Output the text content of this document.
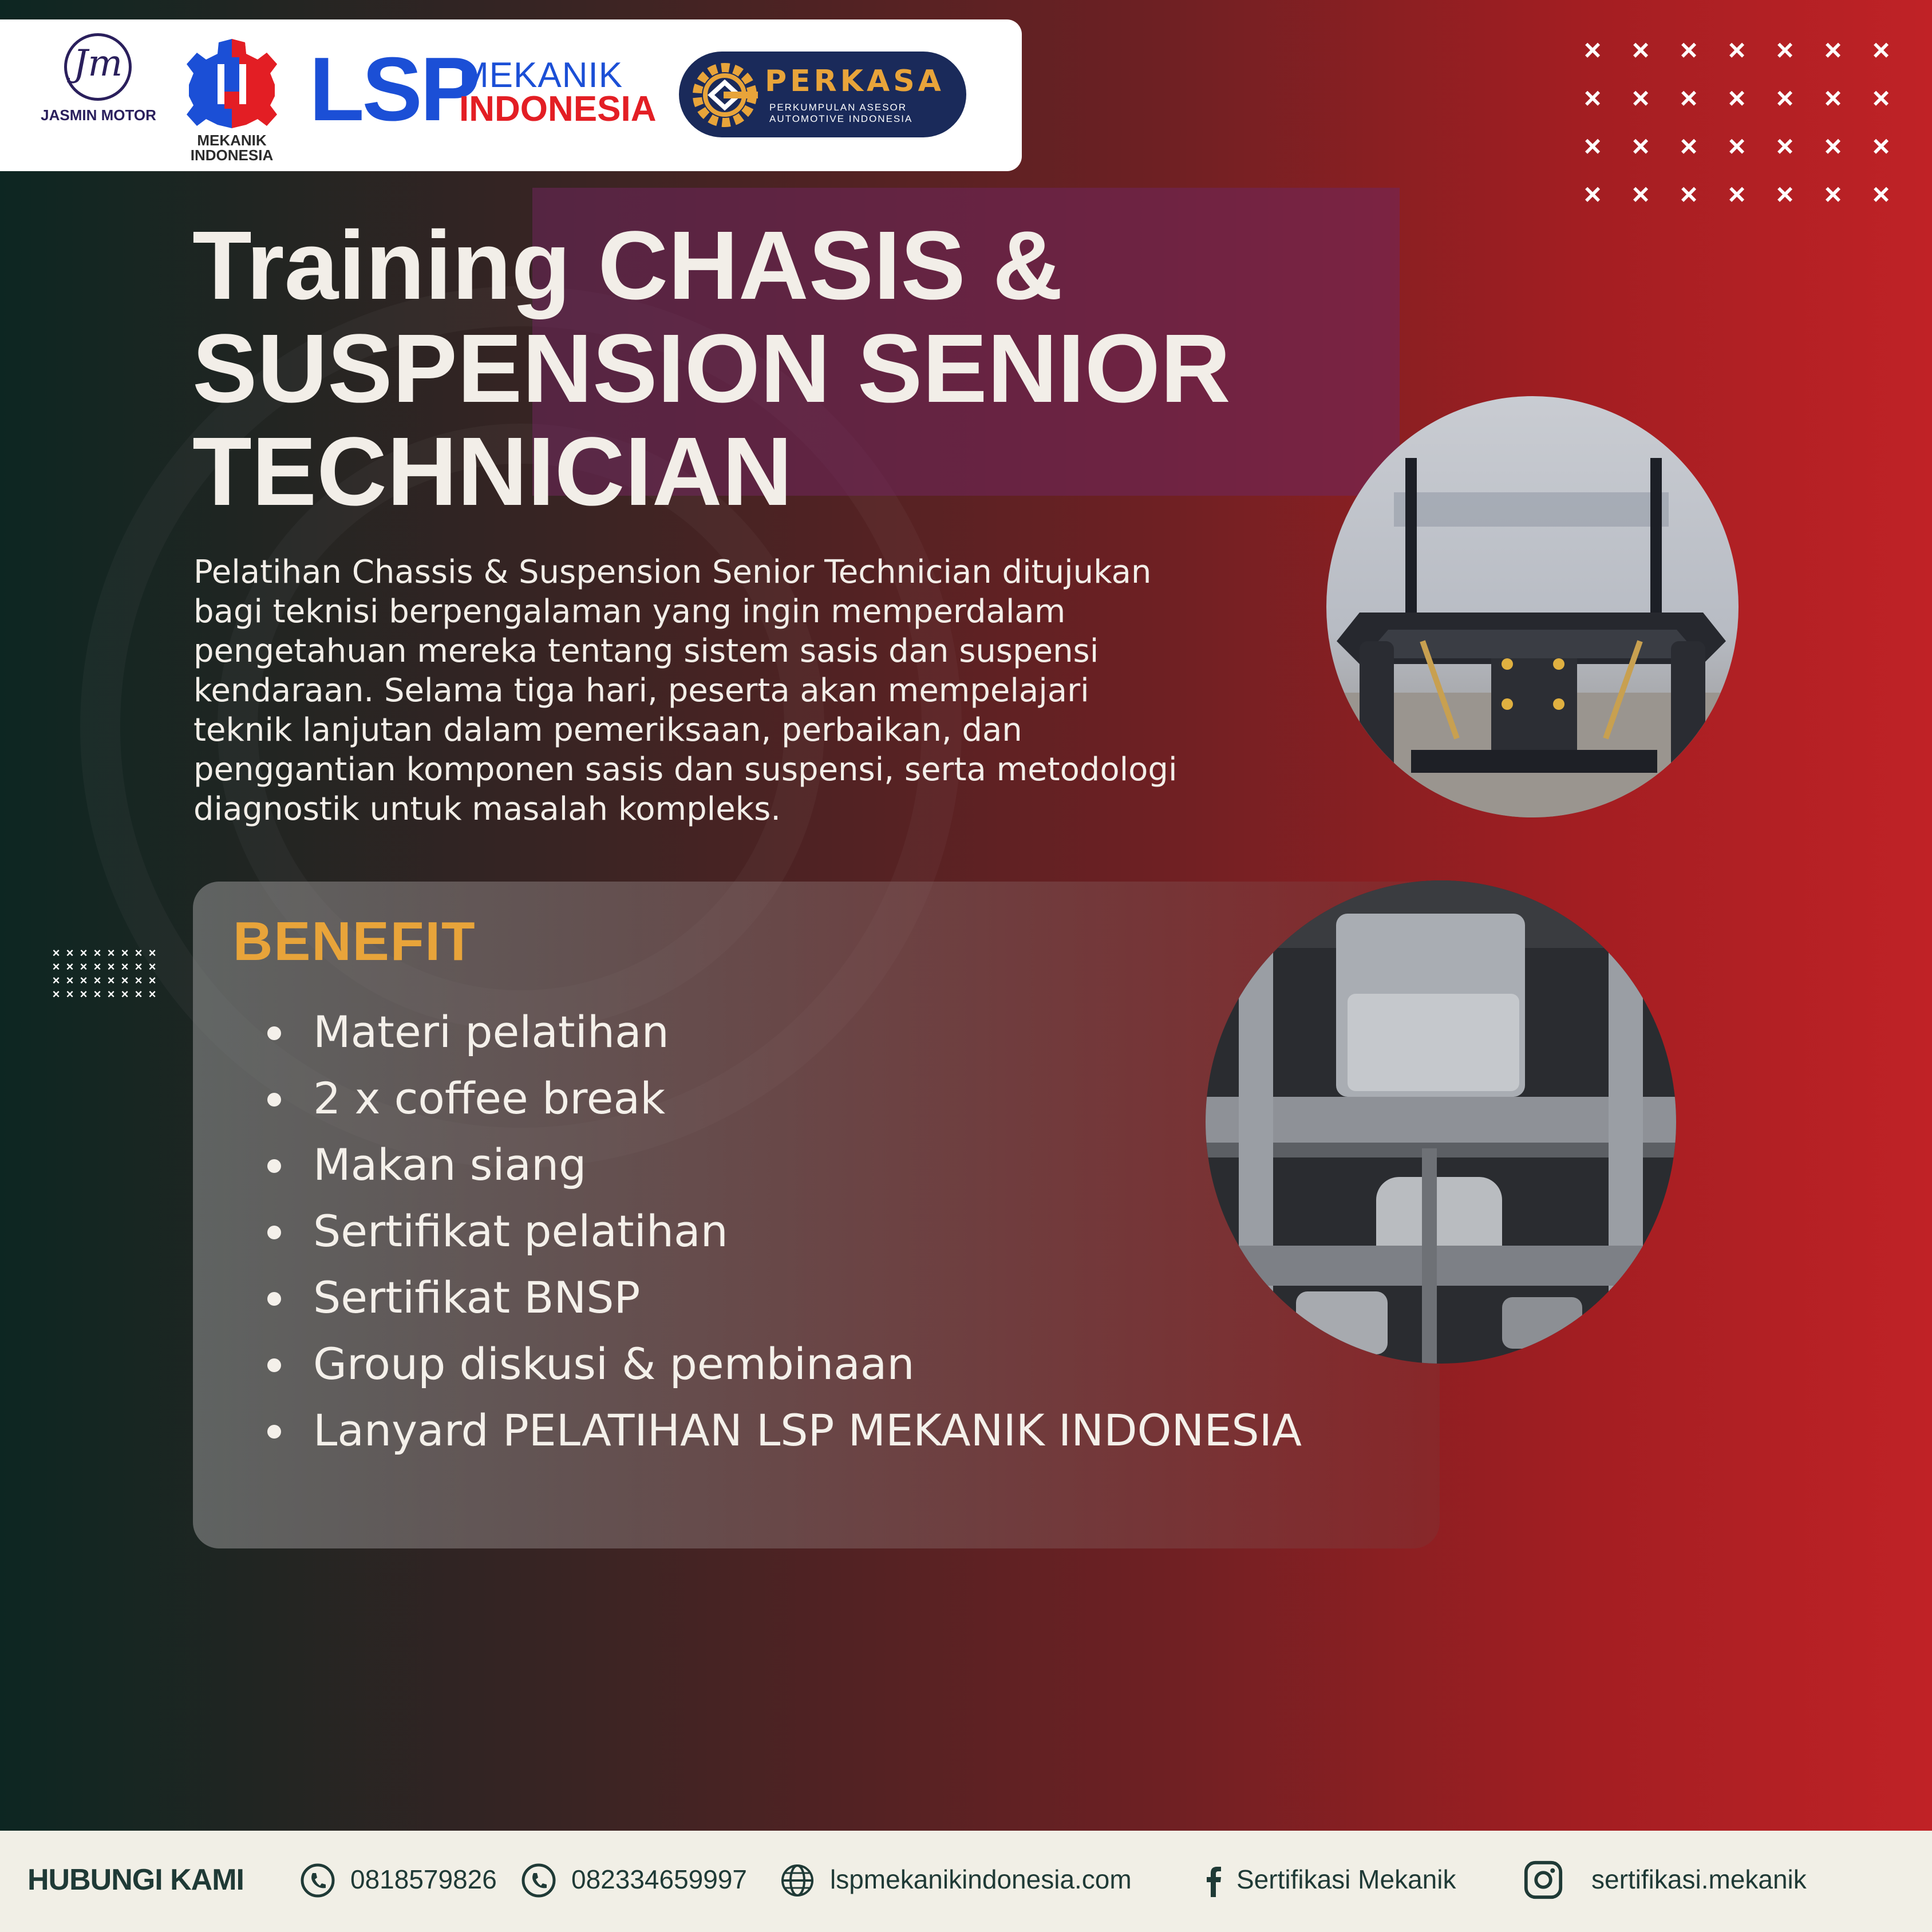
Jm
JASMIN MOTOR
MEKANIK
INDONESIA
LSP
MEKANIK
INDONESIA
PERKASA
PERKUMPULAN ASESOR
AUTOMOTIVE INDONESIA
×	×	×	×	×	×	×
×	×	×	×	×	×	×
×	×	×	×	×	×	×
×	×	×	×	×	×	×
× × × × × × × ×
× × × × × × × ×
× × × × × × × ×
× × × × × × × ×
Training CHASIS &
SUSPENSION SENIOR
TECHNICIAN

Pelatihan Chassis & Suspension Senior Technician ditujukan
bagi teknisi berpengalaman yang ingin memperdalam
pengetahuan mereka tentang sistem sasis dan suspensi
kendaraan. Selama tiga hari, peserta akan mempelajari
teknik lanjutan dalam pemeriksaan, perbaikan, dan
penggantian komponen sasis dan suspensi, serta metodologi
diagnostik untuk masalah kompleks.

BENEFIT
Materi pelatihan
2 x coffee break
Makan siang
Sertifikat pelatihan
Sertifikat BNSP
Group diskusi & pembinaan
Lanyard PELATIHAN LSP MEKANIK INDONESIA
HUBUNGI KAMI	0818579826	082334659997	lspmekanikindonesia.com	Sertifikasi Mekanik	sertifikasi.mekanik
